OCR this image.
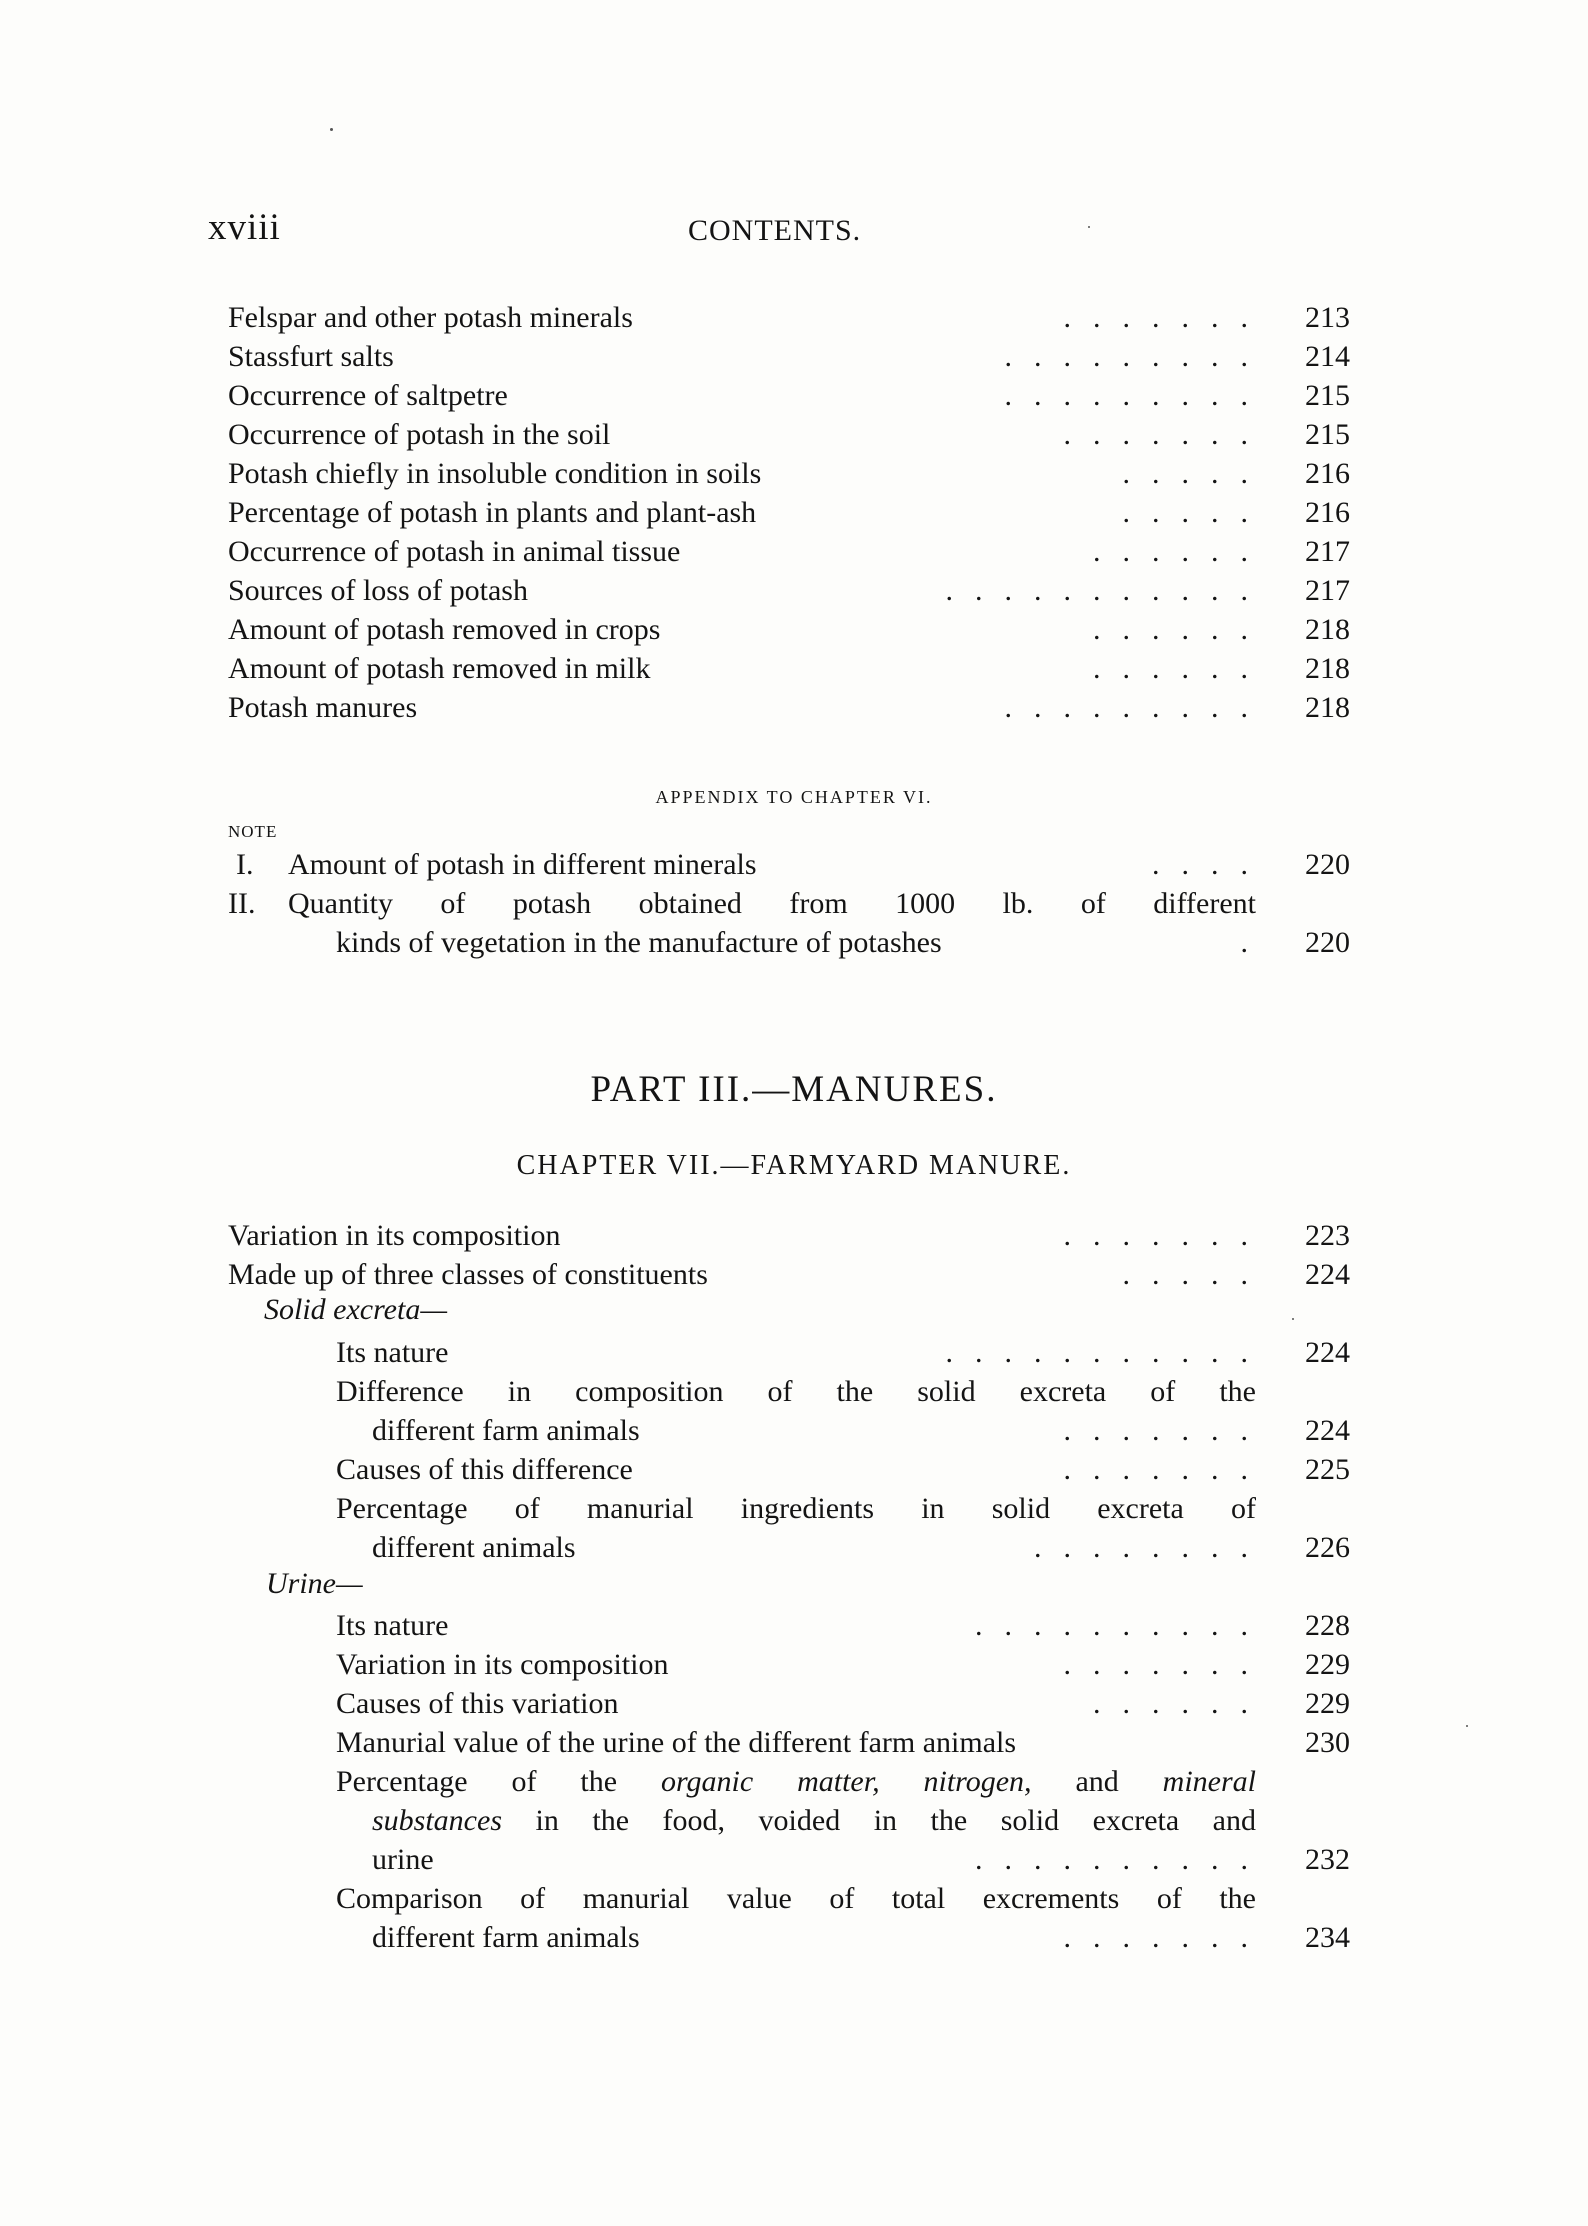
xviii	CONTENTS.
Felspar and other potash minerals	.......	213
Stassfurt salts	.........	214
Occurrence of saltpetre	.........	215
Occurrence of potash in the soil	.......	215
Potash chiefly in insoluble condition in soils	.....	216
Percentage of potash in plants and plant-ash	.....	216
Occurrence of potash in animal tissue	......	217
Sources of loss of potash	...........	217
Amount of potash removed in crops	......	218
Amount of potash removed in milk	......	218
Potash manures	.........	218
APPENDIX TO CHAPTER VI.
NOTE
I. Amount of potash in different minerals	....	220
II. Quantity of potash obtained from 1000 lb. of different
kinds of vegetation in the manufacture of potashes	.	220
PART III.—MANURES.
CHAPTER VII.—FARMYARD MANURE.
Variation in its composition	.......	223
Made up of three classes of constituents	.....	224
Solid excreta—
Its nature	...........	224
Difference in composition of the solid excreta of the
different farm animals	.......	224
Causes of this difference	.......	225
Percentage of manurial ingredients in solid excreta of
different animals	........	226
Urine—
Its nature	..........	228
Variation in its composition	.......	229
Causes of this variation	......	229
Manurial value of the urine of the different farm animals	230
Percentage of the organic matter, nitrogen, and mineral
substances in the food, voided in the solid excreta and
urine	..........	232
Comparison of manurial value of total excrements of the
different farm animals	.......	234
